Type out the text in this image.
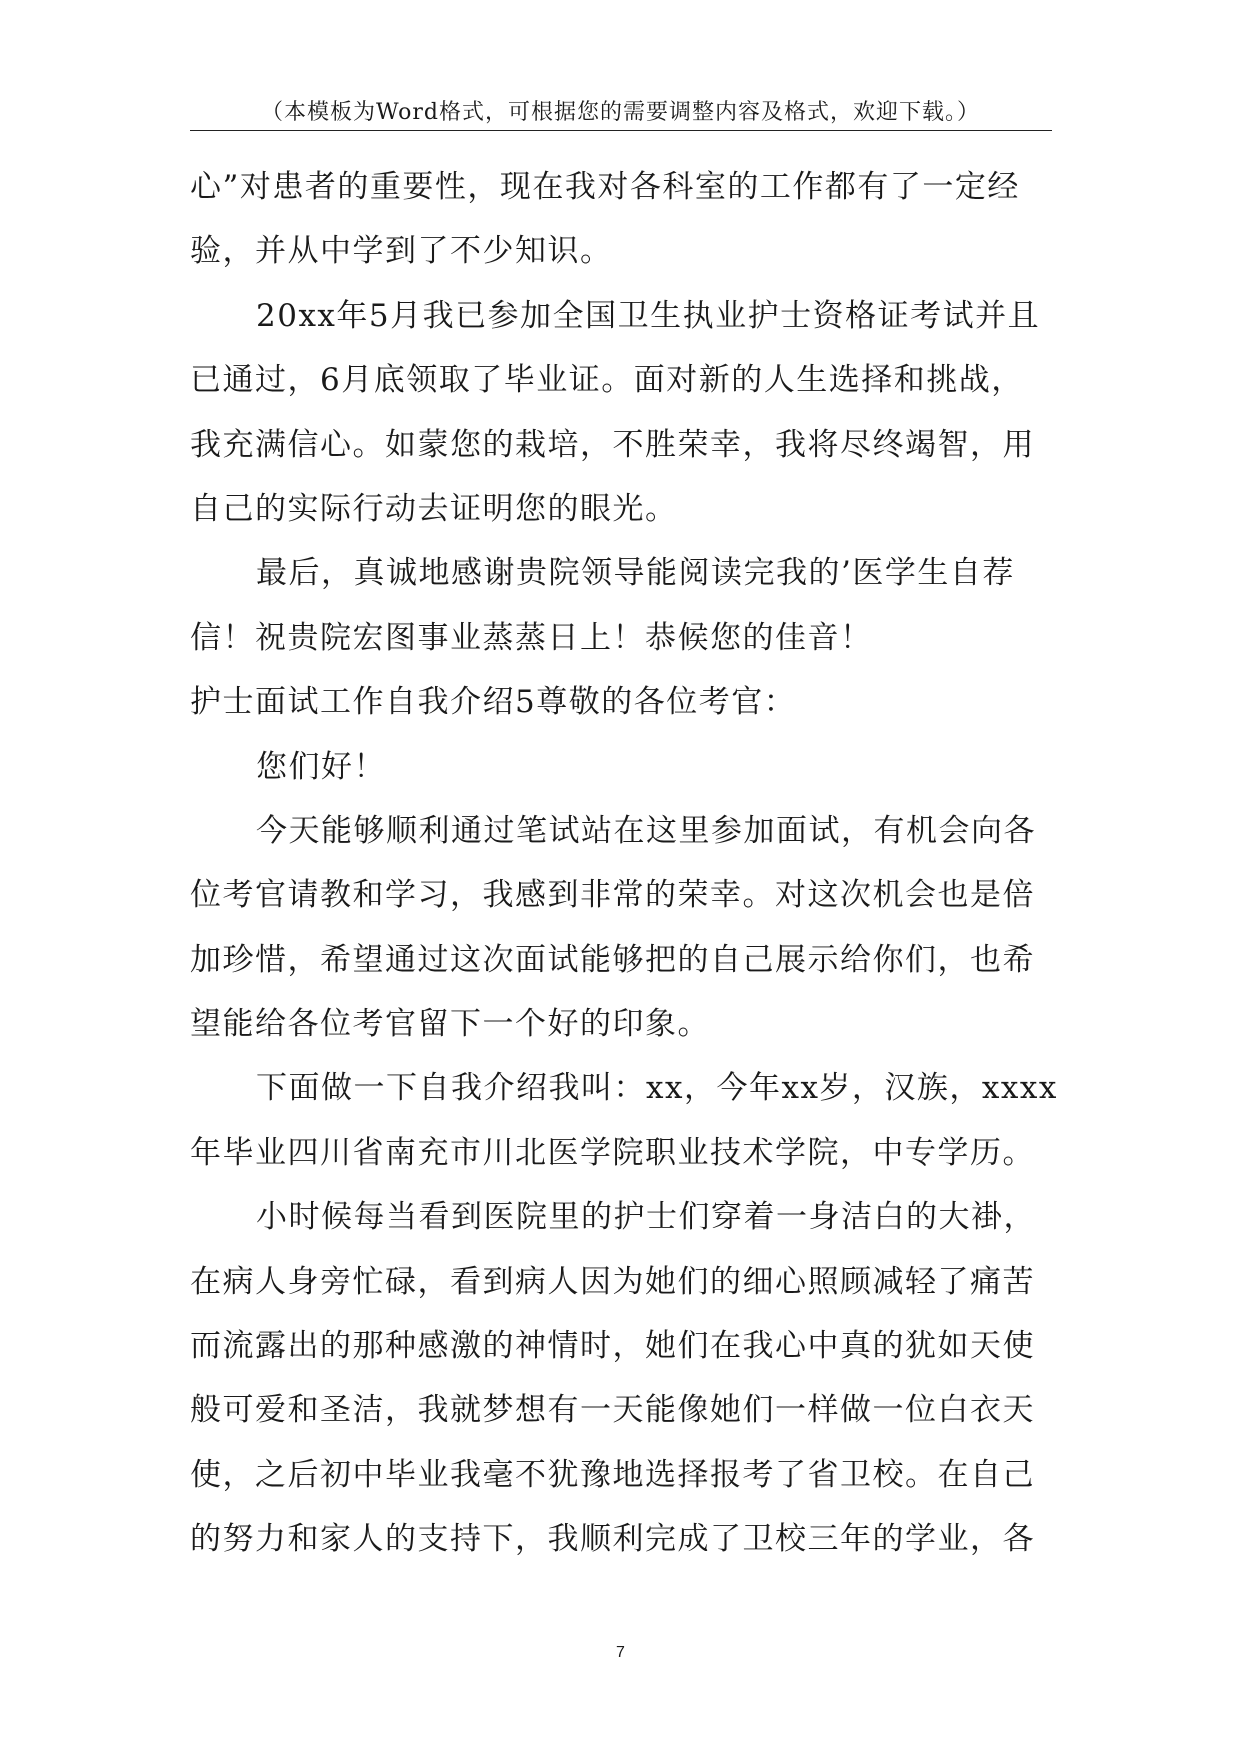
（本模板为Word格式，可根据您的需要调整内容及格式，欢迎下载。）
心”对患者的重要性，现在我对各科室的工作都有了一定经
验，并从中学到了不少知识。
20xx年5月我已参加全国卫生执业护士资格证考试并且
已通过，6月底领取了毕业证。面对新的人生选择和挑战，
我充满信心。如蒙您的栽培，不胜荣幸，我将尽终竭智，用
自己的实际行动去证明您的眼光。
最后，真诚地感谢贵院领导能阅读完我的’医学生自荐
信！祝贵院宏图事业蒸蒸日上！恭候您的佳音！
护士面试工作自我介绍5尊敬的各位考官：
您们好！
今天能够顺利通过笔试站在这里参加面试，有机会向各
位考官请教和学习，我感到非常的荣幸。对这次机会也是倍
加珍惜，希望通过这次面试能够把的自己展示给你们，也希
望能给各位考官留下一个好的印象。
下面做一下自我介绍我叫：xx，今年xx岁，汉族，xxxx
年毕业四川省南充市川北医学院职业技术学院，中专学历。
小时候每当看到医院里的护士们穿着一身洁白的大褂，
在病人身旁忙碌，看到病人因为她们的细心照顾减轻了痛苦
而流露出的那种感激的神情时，她们在我心中真的犹如天使
般可爱和圣洁，我就梦想有一天能像她们一样做一位白衣天
使，之后初中毕业我毫不犹豫地选择报考了省卫校。在自己
的努力和家人的支持下，我顺利完成了卫校三年的学业，各
7
